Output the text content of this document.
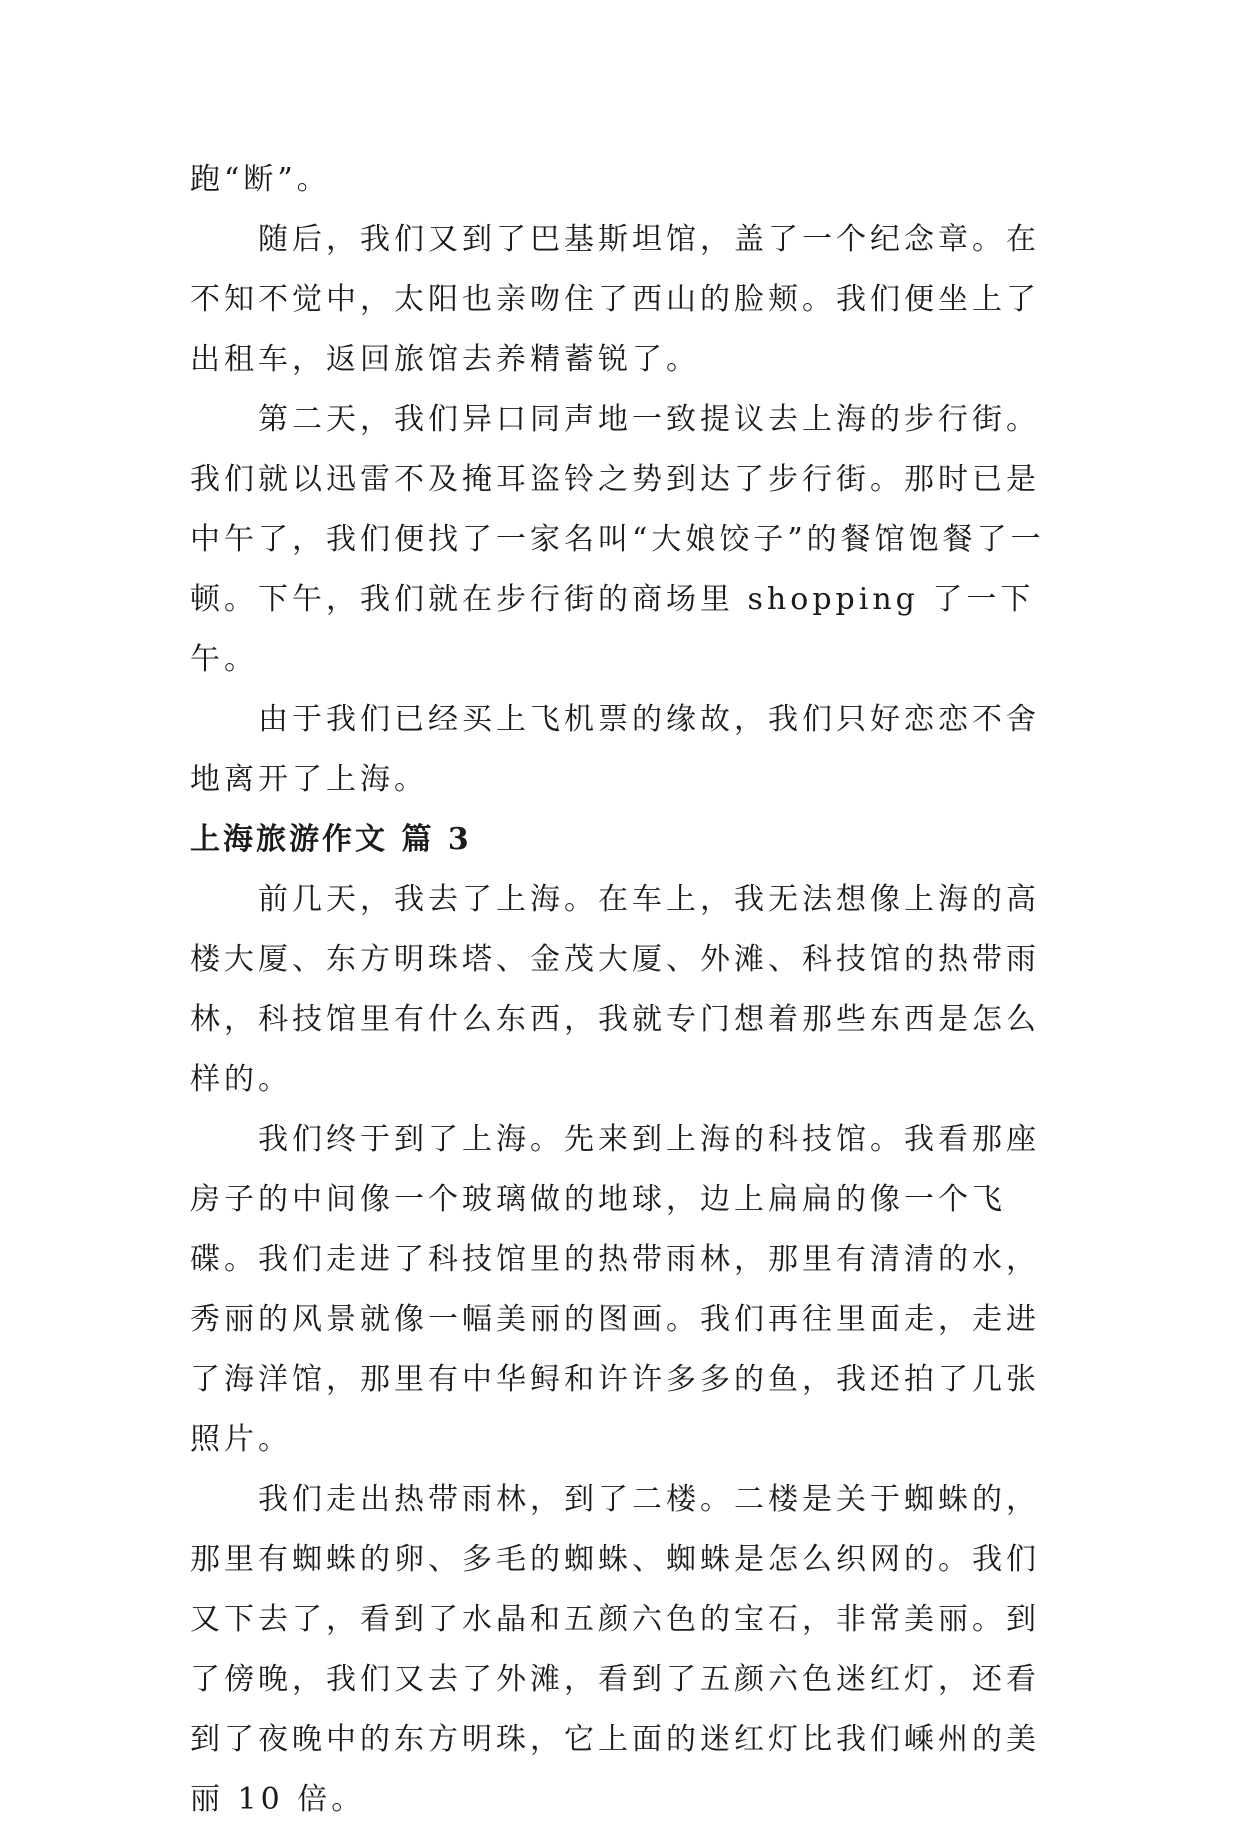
跑“断”。

随后，我们又到了巴基斯坦馆，盖了一个纪念章。在不知不觉中，太阳也亲吻住了西山的脸颊。我们便坐上了出租车，返回旅馆去养精蓄锐了。

第二天，我们异口同声地一致提议去上海的步行街。我们就以迅雷不及掩耳盗铃之势到达了步行街。那时已是中午了，我们便找了一家名叫“大娘饺子”的餐馆饱餐了一顿。下午，我们就在步行街的商场里 shopping 了一下午。

由于我们已经买上飞机票的缘故，我们只好恋恋不舍地离开了上海。

上海旅游作文 篇 3

前几天，我去了上海。在车上，我无法想像上海的高楼大厦、东方明珠塔、金茂大厦、外滩、科技馆的热带雨林，科技馆里有什么东西，我就专门想着那些东西是怎么样的。

我们终于到了上海。先来到上海的科技馆。我看那座房子的中间像一个玻璃做的地球，边上扁扁的像一个飞碟。我们走进了科技馆里的热带雨林，那里有清清的水，秀丽的风景就像一幅美丽的图画。我们再往里面走，走进了海洋馆，那里有中华鲟和许许多多的鱼，我还拍了几张照片。

我们走出热带雨林，到了二楼。二楼是关于蜘蛛的，那里有蜘蛛的卵、多毛的蜘蛛、蜘蛛是怎么织网的。我们又下去了，看到了水晶和五颜六色的宝石，非常美丽。到了傍晚，我们又去了外滩，看到了五颜六色迷红灯，还看到了夜晚中的东方明珠，它上面的迷红灯比我们嵊州的美丽 10 倍。
